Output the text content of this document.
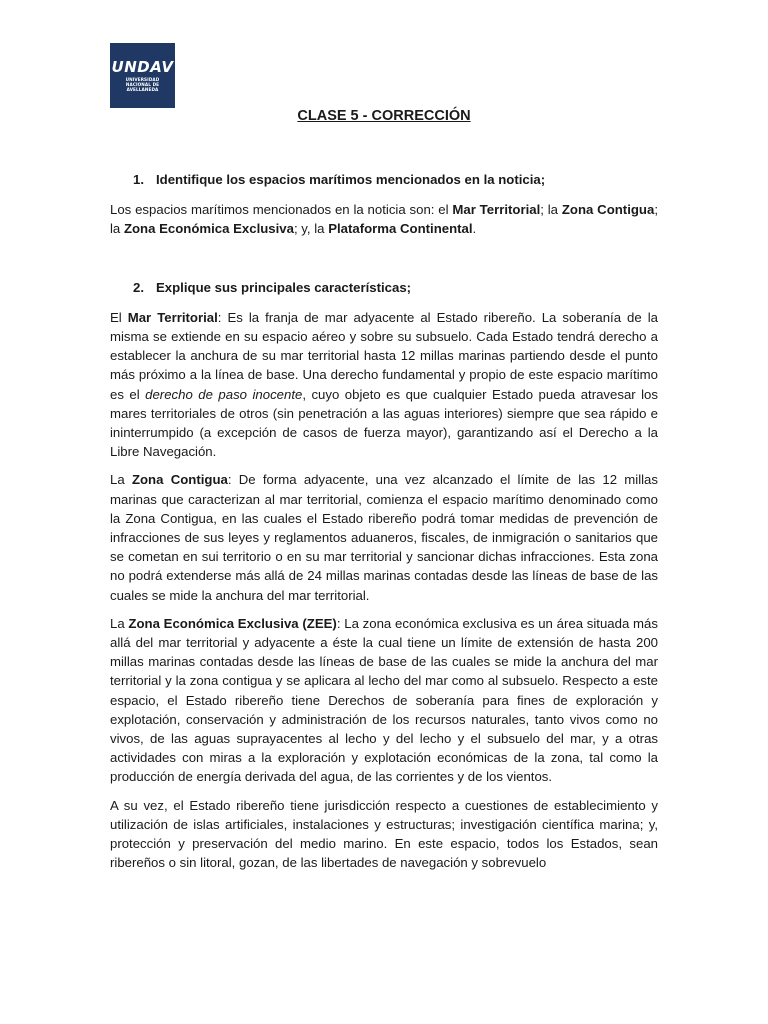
UNDAV
UNIVERSIDAD
NACIONAL DE
AVELLANEDA
CLASE 5 - CORRECCIÓN
1. Identifique los espacios marítimos mencionados en la noticia;

Los espacios marítimos mencionados en la noticia son: el Mar Territorial; la Zona Contigua; la Zona Económica Exclusiva; y, la Plataforma Continental.

2. Explique sus principales características;

El Mar Territorial: Es la franja de mar adyacente al Estado ribereño. La soberanía de la misma se extiende en su espacio aéreo y sobre su subsuelo. Cada Estado tendrá derecho a establecer la anchura de su mar territorial hasta 12 millas marinas partiendo desde el punto más próximo a la línea de base. Una derecho fundamental y propio de este espacio marítimo es el derecho de paso inocente, cuyo objeto es que cualquier Estado pueda atravesar los mares territoriales de otros (sin penetración a las aguas interiores) siempre que sea rápido e ininterrumpido (a excepción de casos de fuerza mayor), garantizando así el Derecho a la Libre Navegación.

La Zona Contigua: De forma adyacente, una vez alcanzado el límite de las 12 millas marinas que caracterizan al mar territorial, comienza el espacio marítimo denominado como la Zona Contigua, en las cuales el Estado ribereño podrá tomar medidas de prevención de infracciones de sus leyes y reglamentos aduaneros, fiscales, de inmigración o sanitarios que se cometan en sui territorio o en su mar territorial y sancionar dichas infracciones. Esta zona no podrá extenderse más allá de 24 millas marinas contadas desde las líneas de base de las cuales se mide la anchura del mar territorial.

La Zona Económica Exclusiva (ZEE): La zona económica exclusiva es un área situada más allá del mar territorial y adyacente a éste la cual tiene un límite de extensión de hasta 200 millas marinas contadas desde las líneas de base de las cuales se mide la anchura del mar territorial y la zona contigua y se aplicara al lecho del mar como al subsuelo. Respecto a este espacio, el Estado ribereño tiene Derechos de soberanía para fines de exploración y explotación, conservación y administración de los recursos naturales, tanto vivos como no vivos, de las aguas suprayacentes al lecho y del lecho y el subsuelo del mar, y a otras actividades con miras a la exploración y explotación económicas de la zona, tal como la producción de energía derivada del agua, de las corrientes y de los vientos.

A su vez, el Estado ribereño tiene jurisdicción respecto a cuestiones de establecimiento y utilización de islas artificiales, instalaciones y estructuras; investigación científica marina; y, protección y preservación del medio marino. En este espacio, todos los Estados, sean ribereños o sin litoral, gozan, de las libertades de navegación y sobrevuelo
